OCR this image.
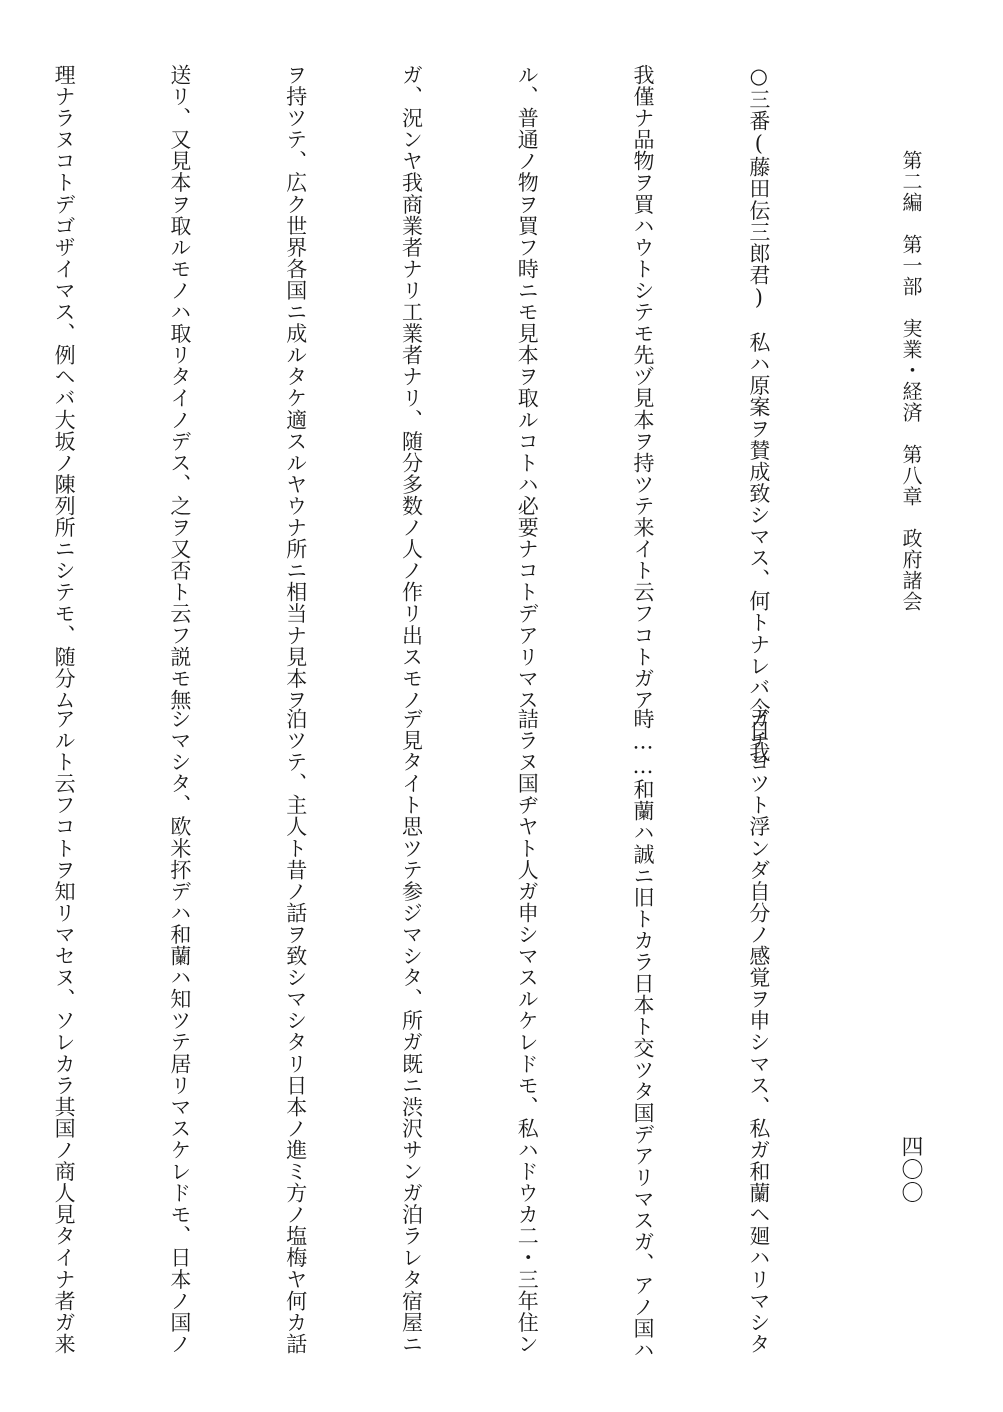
第二編　第一部　実業・経済　第八章　政府諸会
四〇〇

○三番(藤田伝三郎君)　私ハ原案ヲ賛成致シマス、何トナレバ今日我

我僅ナ品物ヲ買ハウトシテモ先ヅ見本ヲ持ツテ来イト云フコトガア

ル、普通ノ物ヲ買フ時ニモ見本ヲ取ルコトハ必要ナコトデアリマス

ガ、況ンヤ我商業者ナリ工業者ナリ、随分多数ノ人ノ作リ出スモノ

ヲ持ツテ、広ク世界各国ニ成ルタケ適スルヤウナ所ニ相当ナ見本ヲ

送リ、又見本ヲ取ルモノハ取リタイノデス、之ヲ又否ト云フ説モ無

理ナラヌコトデゴザイマス、例ヘバ大坂ノ陳列所ニシテモ、随分ム

ガチヨツト浮ンダ自分ノ感覚ヲ申シマス、私ガ和蘭ヘ廻ハリマシタ

時……和蘭ハ誠ニ旧トカラ日本ト交ツタ国デアリマスガ、アノ国ハ

詰ラヌ国ヂヤト人ガ申シマスルケレドモ、私ハドウカ二・三年住ン

デ見タイト思ツテ参ジマシタ、所ガ既ニ渋沢サンガ泊ラレタ宿屋ニ

泊ツテ、主人ト昔ノ話ヲ致シマシタリ日本ノ進ミ方ノ塩梅ヤ何カ話

シマシタ、欧米抔デハ和蘭ハ知ツテ居リマスケレドモ、日本ノ国ノ

アルト云フコトヲ知リマセヌ、ソレカラ其国ノ商人見タイナ者ガ来
